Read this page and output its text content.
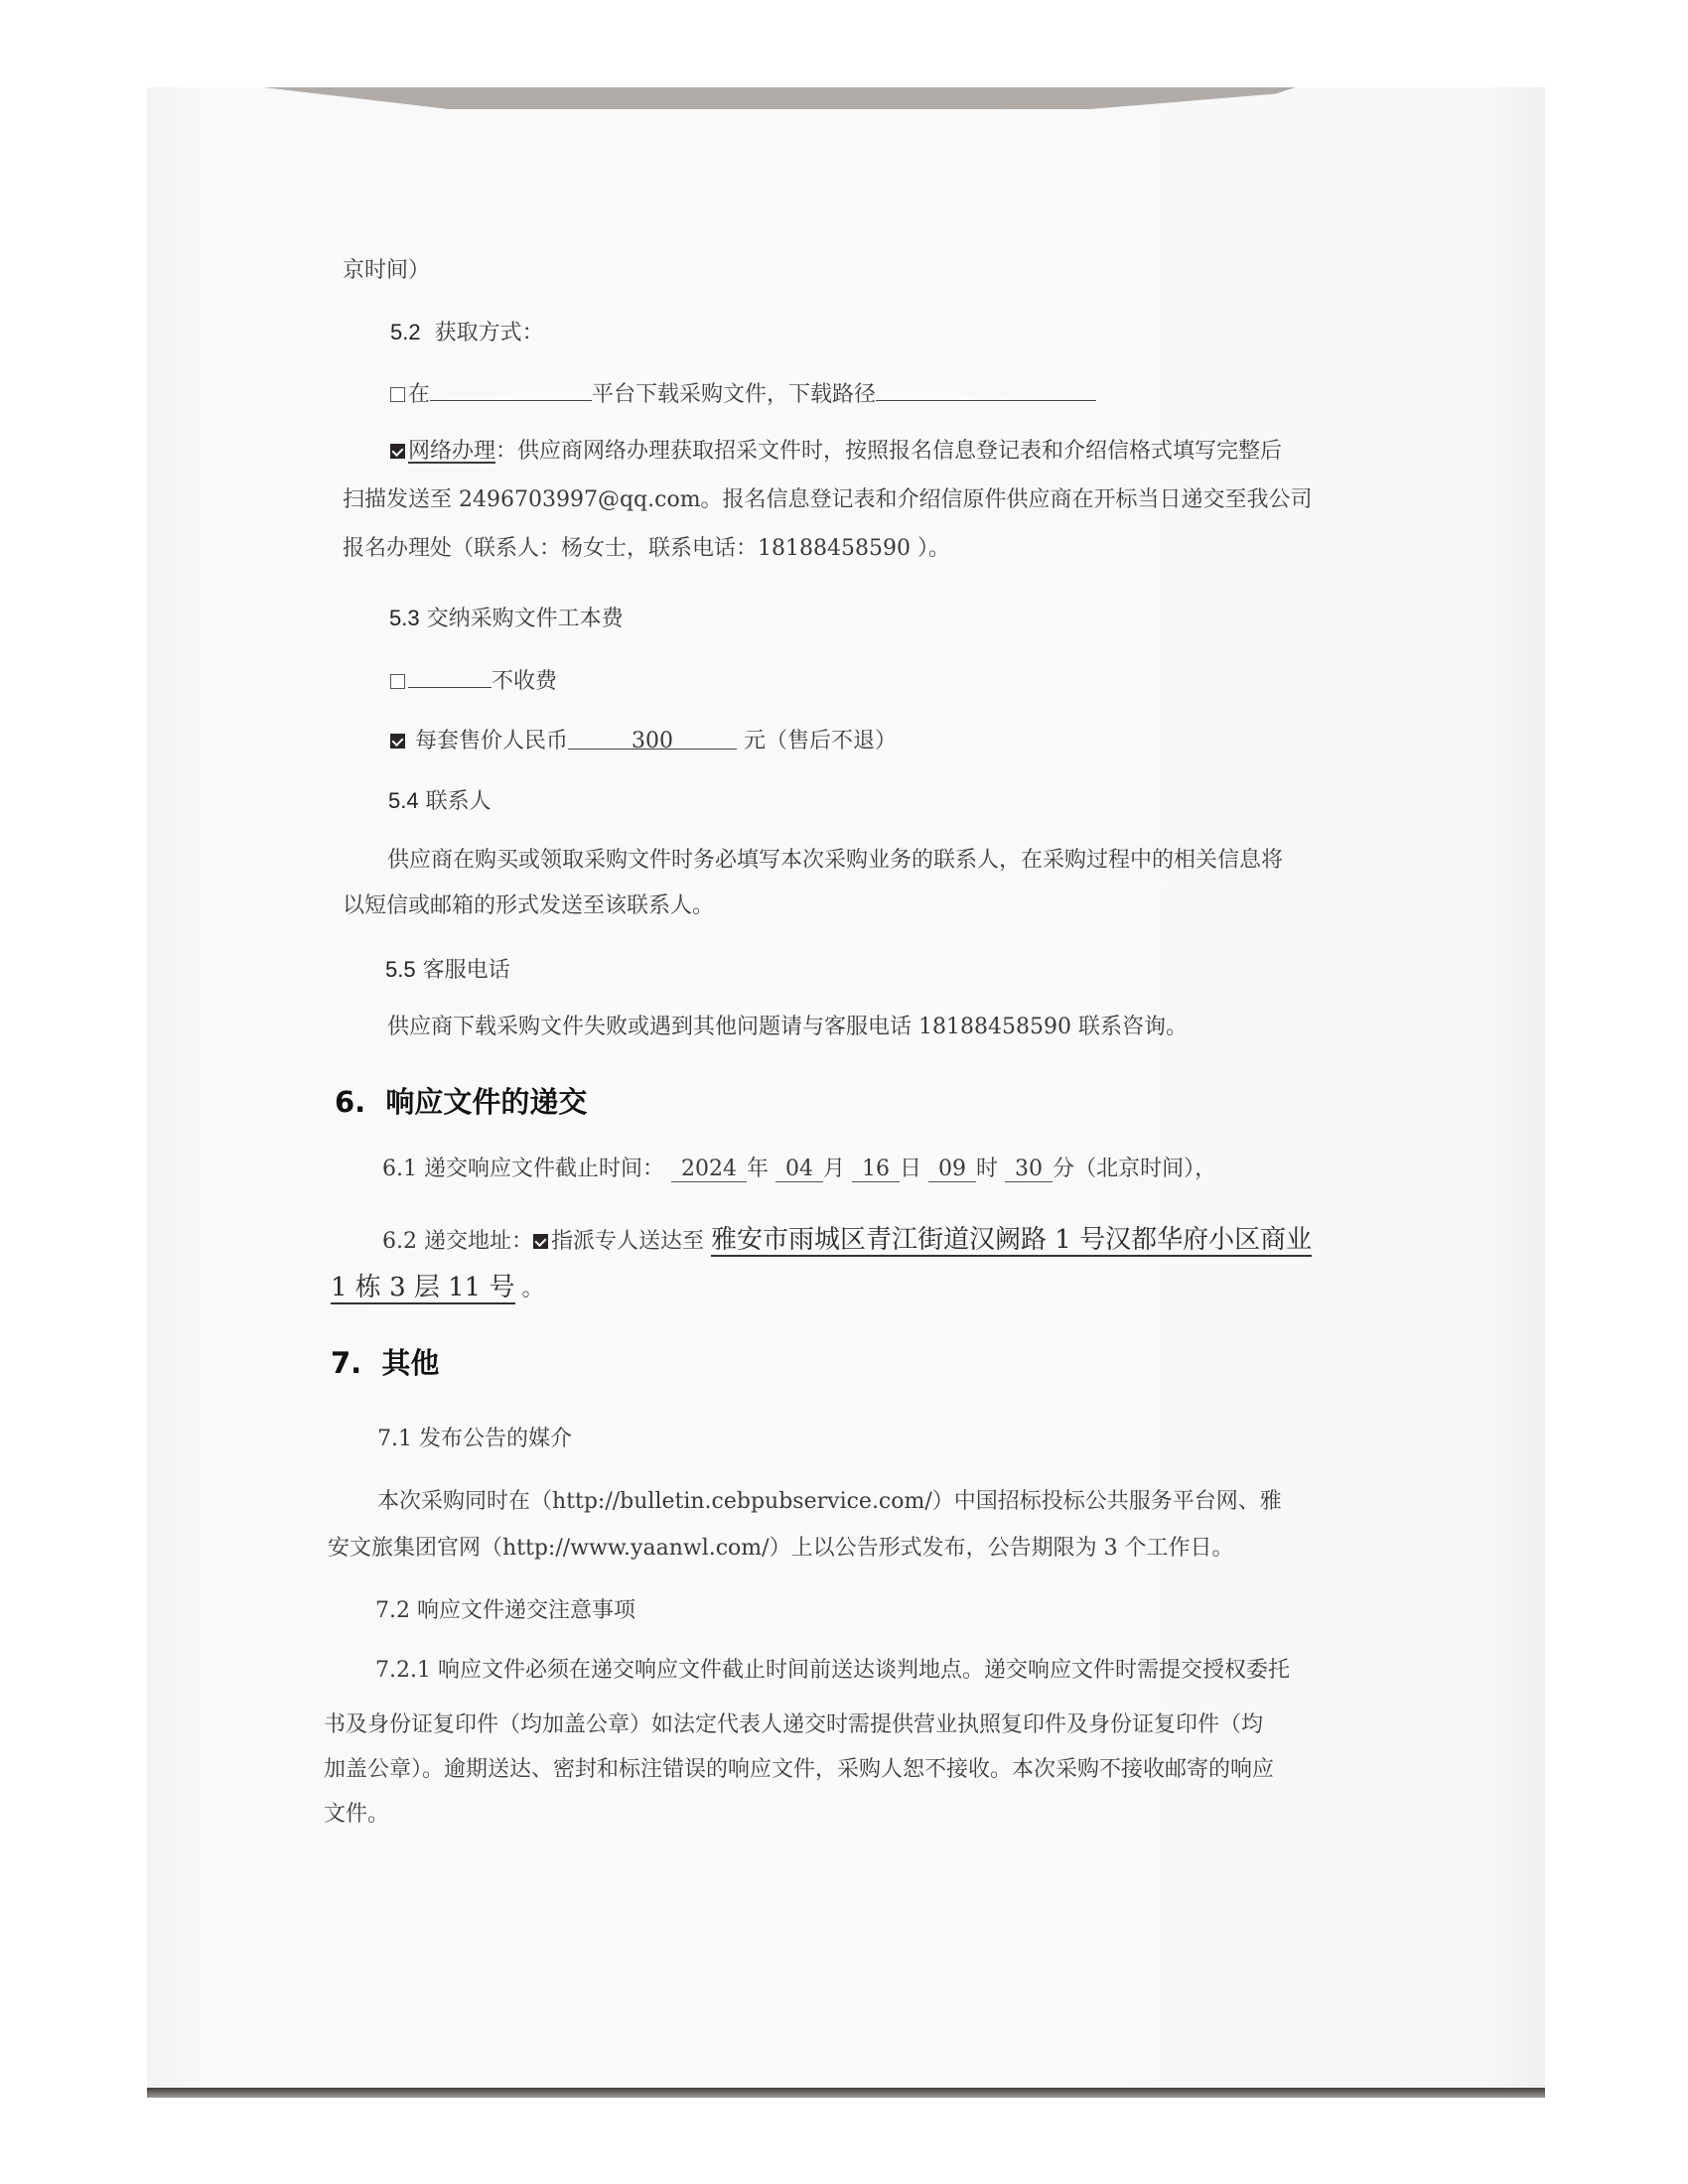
京时间）
5.2 获取方式：
在	平台下载采购文件，下载路径
网络办理：供应商网络办理获取招采文件时，按照报名信息登记表和介绍信格式填写完整后
扫描发送至 2496703997@qq.com。报名信息登记表和介绍信原件供应商在开标当日递交至我公司
报名办理处（联系人：杨女士，联系电话：18188458590 ）。
5.3 交纳采购文件工本费
不收费
每套售价人民币	300	元（售后不退）
5.4 联系人
供应商在购买或领取采购文件时务必填写本次采购业务的联系人，在采购过程中的相关信息将
以短信或邮箱的形式发送至该联系人。
5.5 客服电话
供应商下载采购文件失败或遇到其他问题请与客服电话 18188458590 联系咨询。
6. 响应文件的递交
6.1 递交响应文件截止时间： 2024 年 04 月 16 日 09 时 30 分（北京时间），
6.2 递交地址： 指派专人送达至 雅安市雨城区青江街道汉阙路 1 号汉都华府小区商业
1 栋 3 层 11 号 。
7. 其他
7.1 发布公告的媒介
本次采购同时在（http://bulletin.cebpubservice.com/）中国招标投标公共服务平台网、雅
安文旅集团官网（http://www.yaanwl.com/）上以公告形式发布，公告期限为 3 个工作日。
7.2 响应文件递交注意事项
7.2.1 响应文件必须在递交响应文件截止时间前送达谈判地点。递交响应文件时需提交授权委托
书及身份证复印件（均加盖公章）如法定代表人递交时需提供营业执照复印件及身份证复印件（均
加盖公章）。逾期送达、密封和标注错误的响应文件，采购人恕不接收。本次采购不接收邮寄的响应
文件。
